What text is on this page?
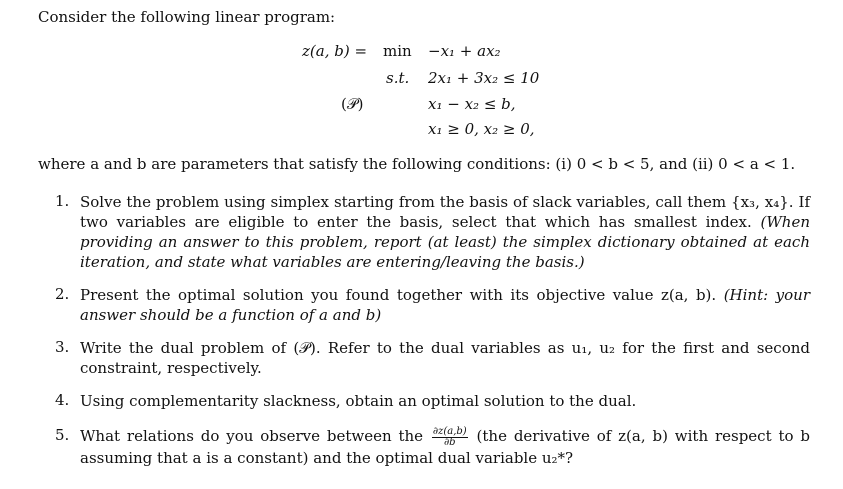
Consider the following linear program:
z(a, b) = min −x₁ + ax₂
s.t. 2x₁ + 3x₂ ≤ 10
(𝒫)	x₁ − x₂ ≤ b,
x₁ ≥ 0, x₂ ≥ 0,
where a and b are parameters that satisfy the following conditions: (i) 0 < b < 5, and (ii) 0 < a < 1.
1. Solve the problem using simplex starting from the basis of slack variables, call them {x₃, x₄}. If two variables are eligible to enter the basis, select that which has smallest index. (When providing an answer to this problem, report (at least) the simplex dictionary obtained at each iteration, and state what variables are entering/leaving the basis.)
2. Present the optimal solution you found together with its objective value z(a, b). (Hint: your answer should be a function of a and b)
3. Write the dual problem of (𝒫). Refer to the dual variables as u₁, u₂ for the first and second constraint, respectively.
4. Using complementarity slackness, obtain an optimal solution to the dual.
5. What relations do you observe between the $\frac{\partial z(a,b)}{\partial b} (the$ derivative of z(a, b) with respect to b assuming that a is a constant) and the optimal dual variable u₂*?
